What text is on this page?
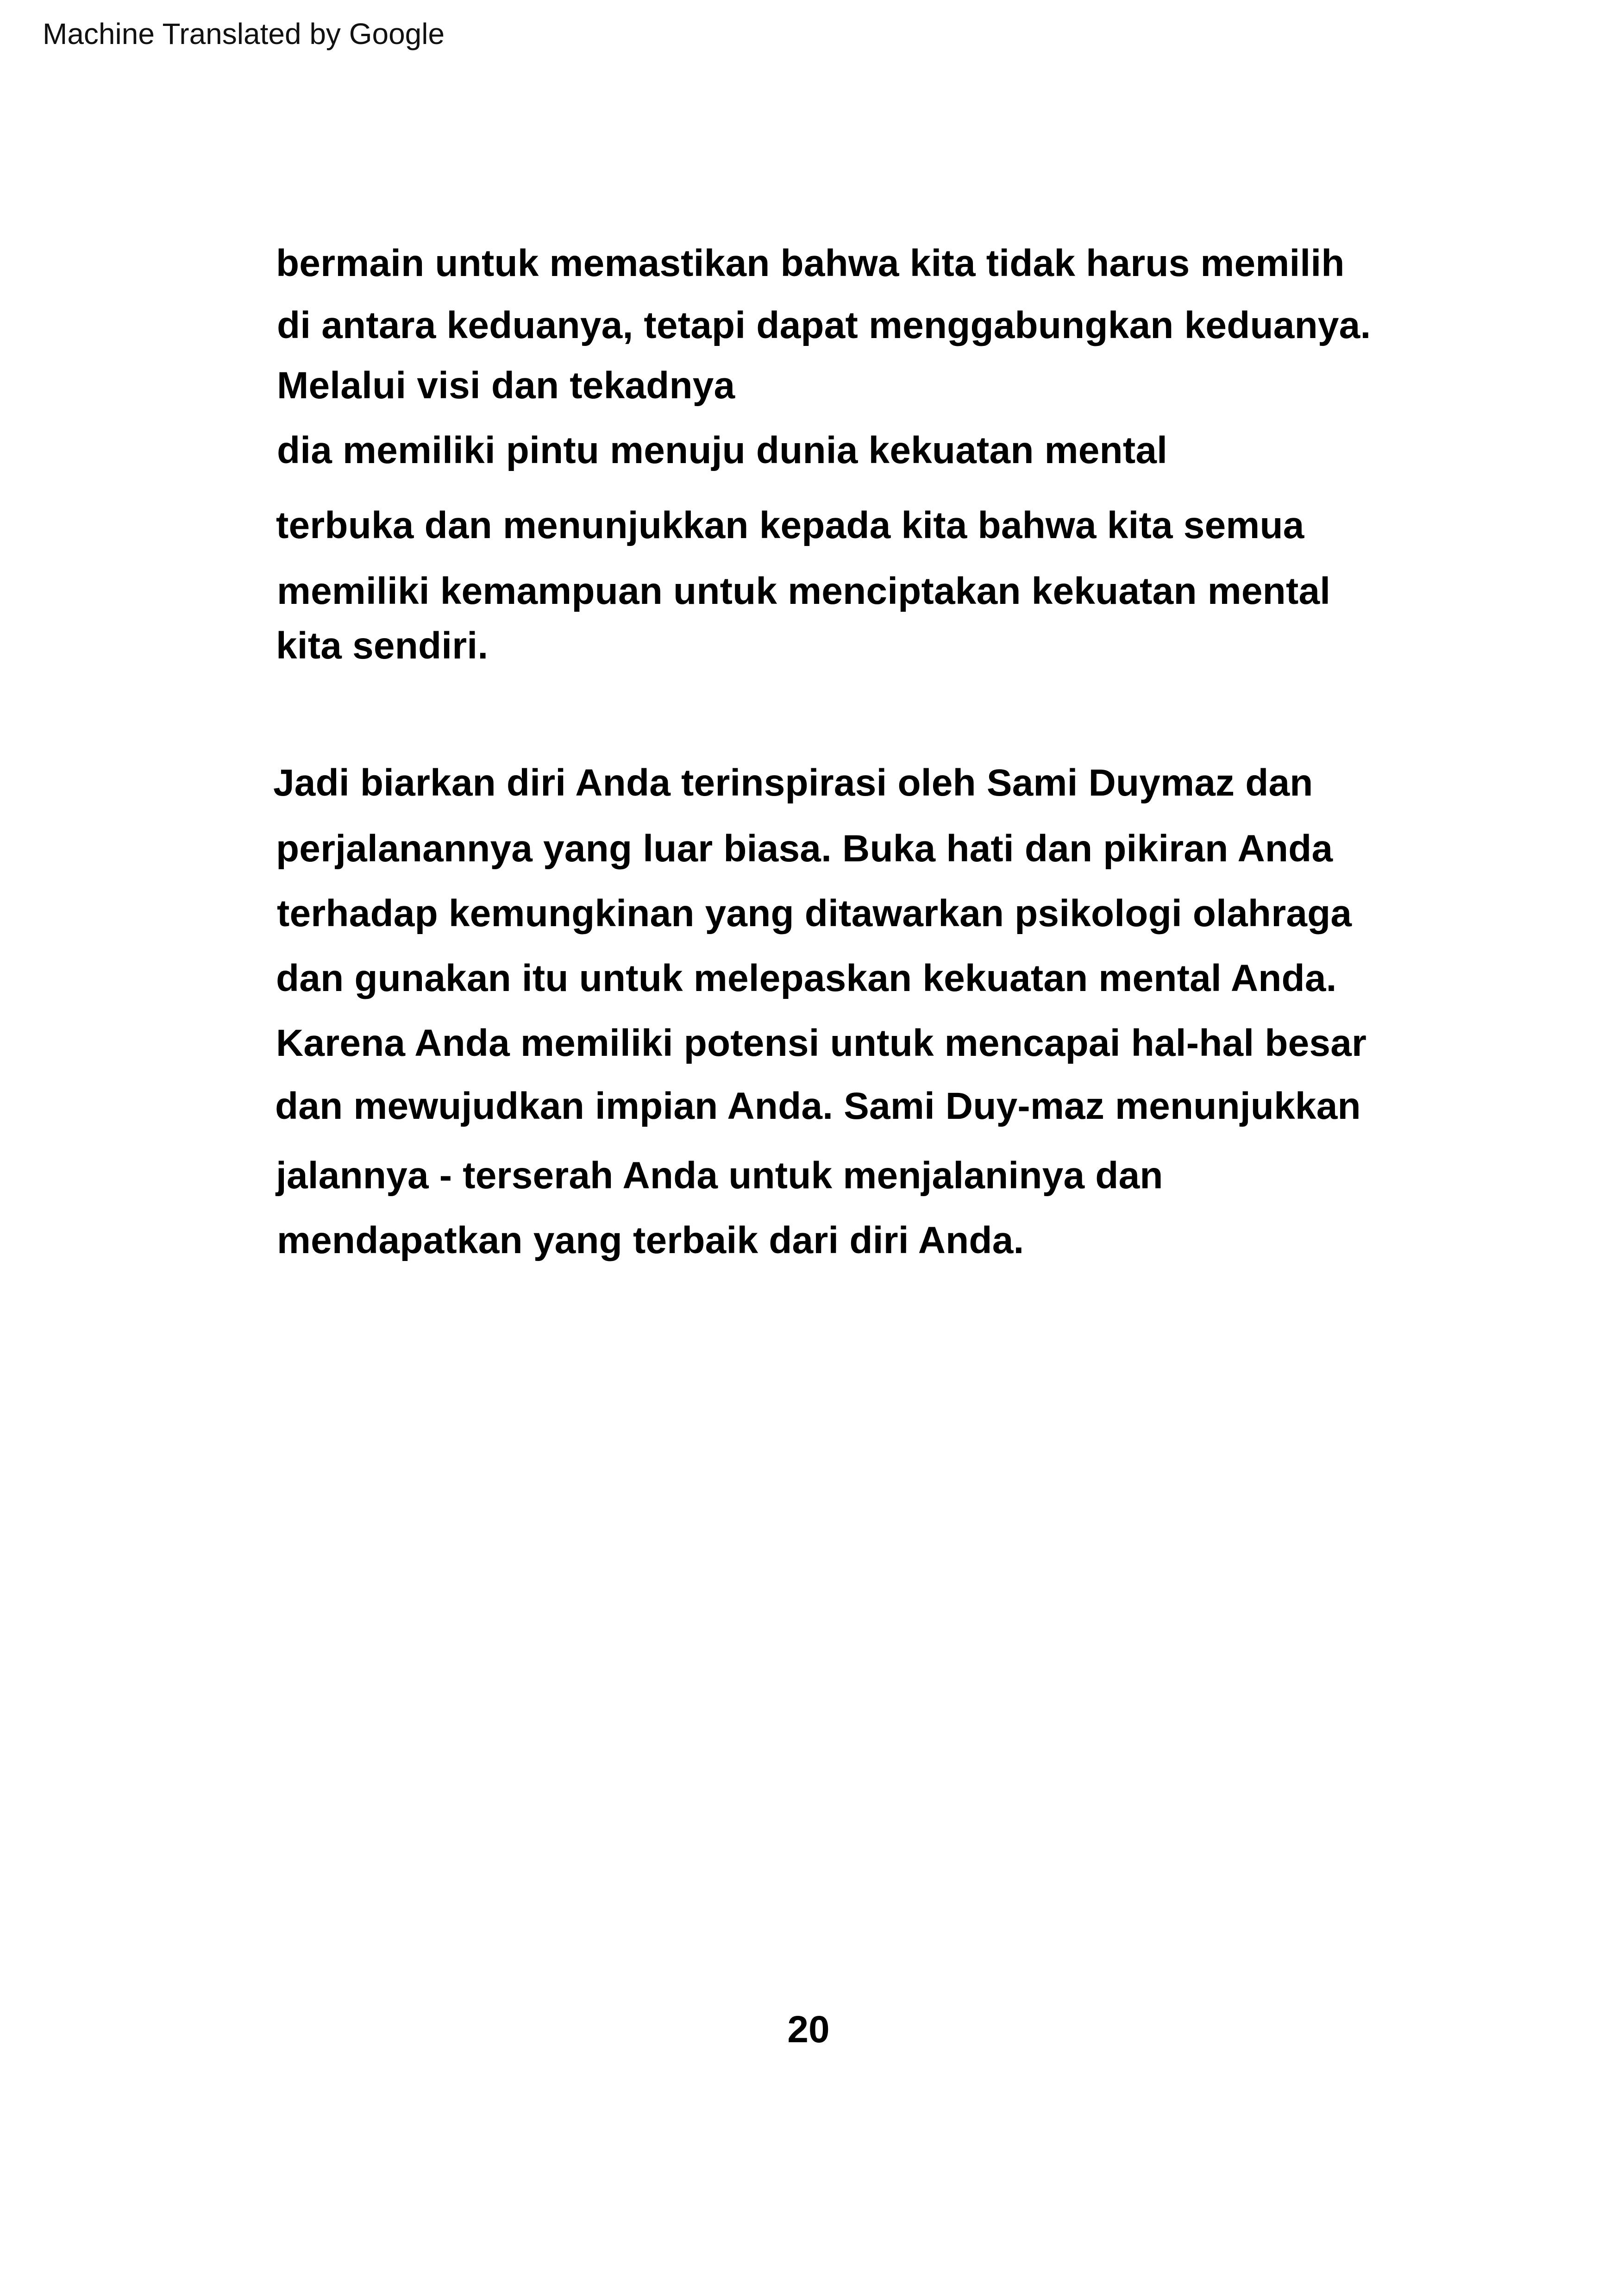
Machine Translated by Google
bermain untuk memastikan bahwa kita tidak harus memilih
di antara keduanya, tetapi dapat menggabungkan keduanya.
Melalui visi dan tekadnya
dia memiliki pintu menuju dunia kekuatan mental
terbuka dan menunjukkan kepada kita bahwa kita semua
memiliki kemampuan untuk menciptakan kekuatan mental
kita sendiri.
Jadi biarkan diri Anda terinspirasi oleh Sami Duymaz dan
perjalanannya yang luar biasa. Buka hati dan pikiran Anda
terhadap kemungkinan yang ditawarkan psikologi olahraga
dan gunakan itu untuk melepaskan kekuatan mental Anda.
Karena Anda memiliki potensi untuk mencapai hal-hal besar
dan mewujudkan impian Anda. Sami Duy-maz menunjukkan
jalannya - terserah Anda untuk menjalaninya dan
mendapatkan yang terbaik dari diri Anda.
20
